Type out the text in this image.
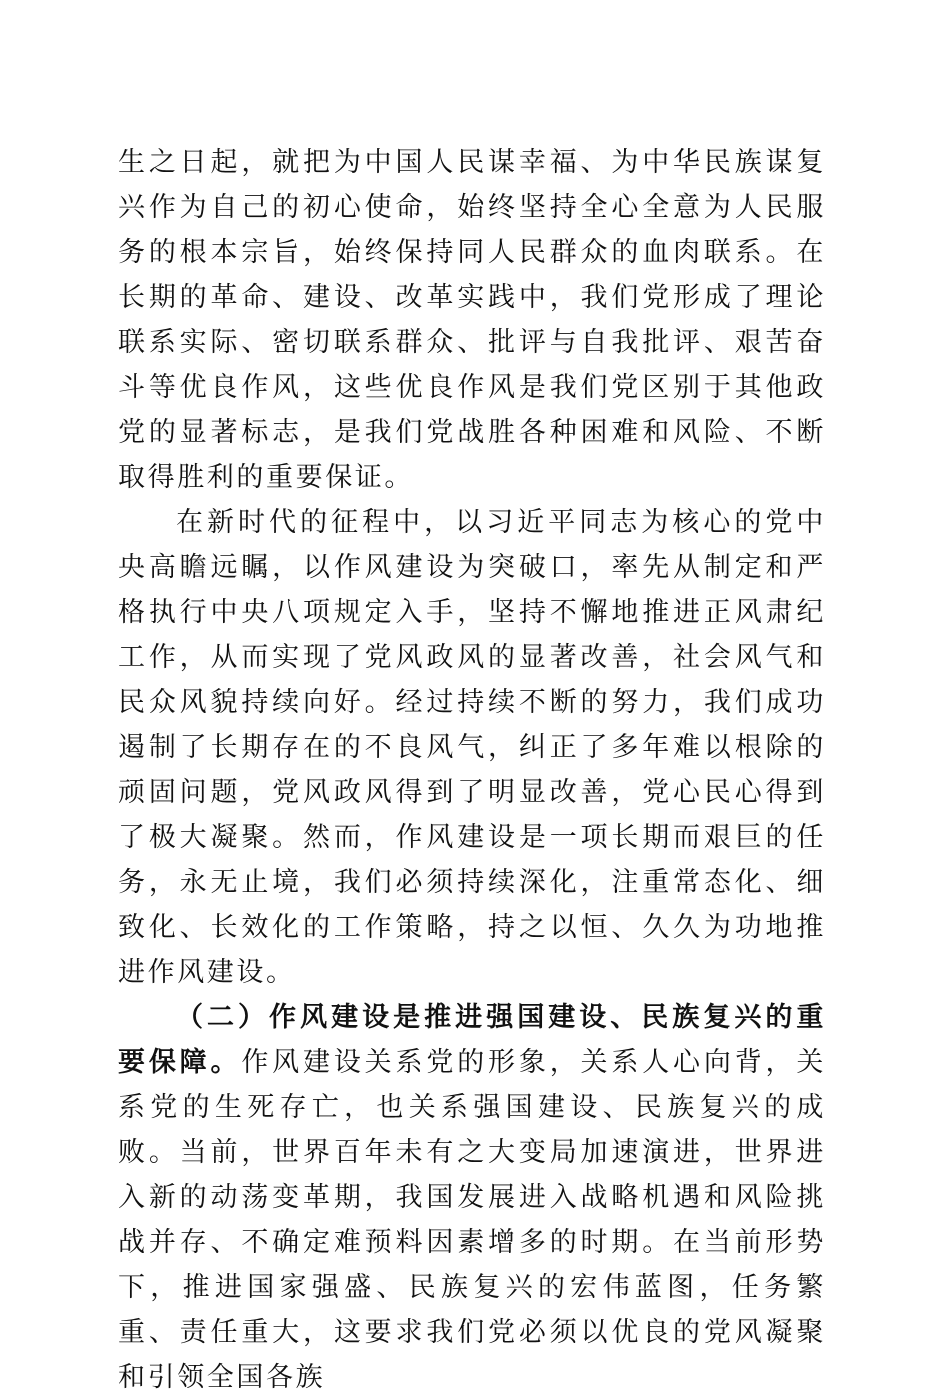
生之日起，就把为中国人民谋幸福、为中华民族谋复兴作为自己的初心使命，始终坚持全心全意为人民服务的根本宗旨，始终保持同人民群众的血肉联系。在长期的革命、建设、改革实践中，我们党形成了理论联系实际、密切联系群众、批评与自我批评、艰苦奋斗等优良作风，这些优良作风是我们党区别于其他政党的显著标志，是我们党战胜各种困难和风险、不断取得胜利的重要保证。

在新时代的征程中，以习近平同志为核心的党中央高瞻远瞩，以作风建设为突破口，率先从制定和严格执行中央八项规定入手，坚持不懈地推进正风肃纪工作，从而实现了党风政风的显著改善，社会风气和民众风貌持续向好。经过持续不断的努力，我们成功遏制了长期存在的不良风气，纠正了多年难以根除的顽固问题，党风政风得到了明显改善，党心民心得到了极大凝聚。然而，作风建设是一项长期而艰巨的任务，永无止境，我们必须持续深化，注重常态化、细致化、长效化的工作策略，持之以恒、久久为功地推进作风建设。

（二）作风建设是推进强国建设、民族复兴的重要保障。作风建设关系党的形象，关系人心向背，关系党的生死存亡，也关系强国建设、民族复兴的成败。当前，世界百年未有之大变局加速演进，世界进入新的动荡变革期，我国发展进入战略机遇和风险挑战并存、不确定难预料因素增多的时期。在当前形势下，推进国家强盛、民族复兴的宏伟蓝图，任务繁重、责任重大，这要求我们党必须以优良的党风凝聚和引领全国各族
